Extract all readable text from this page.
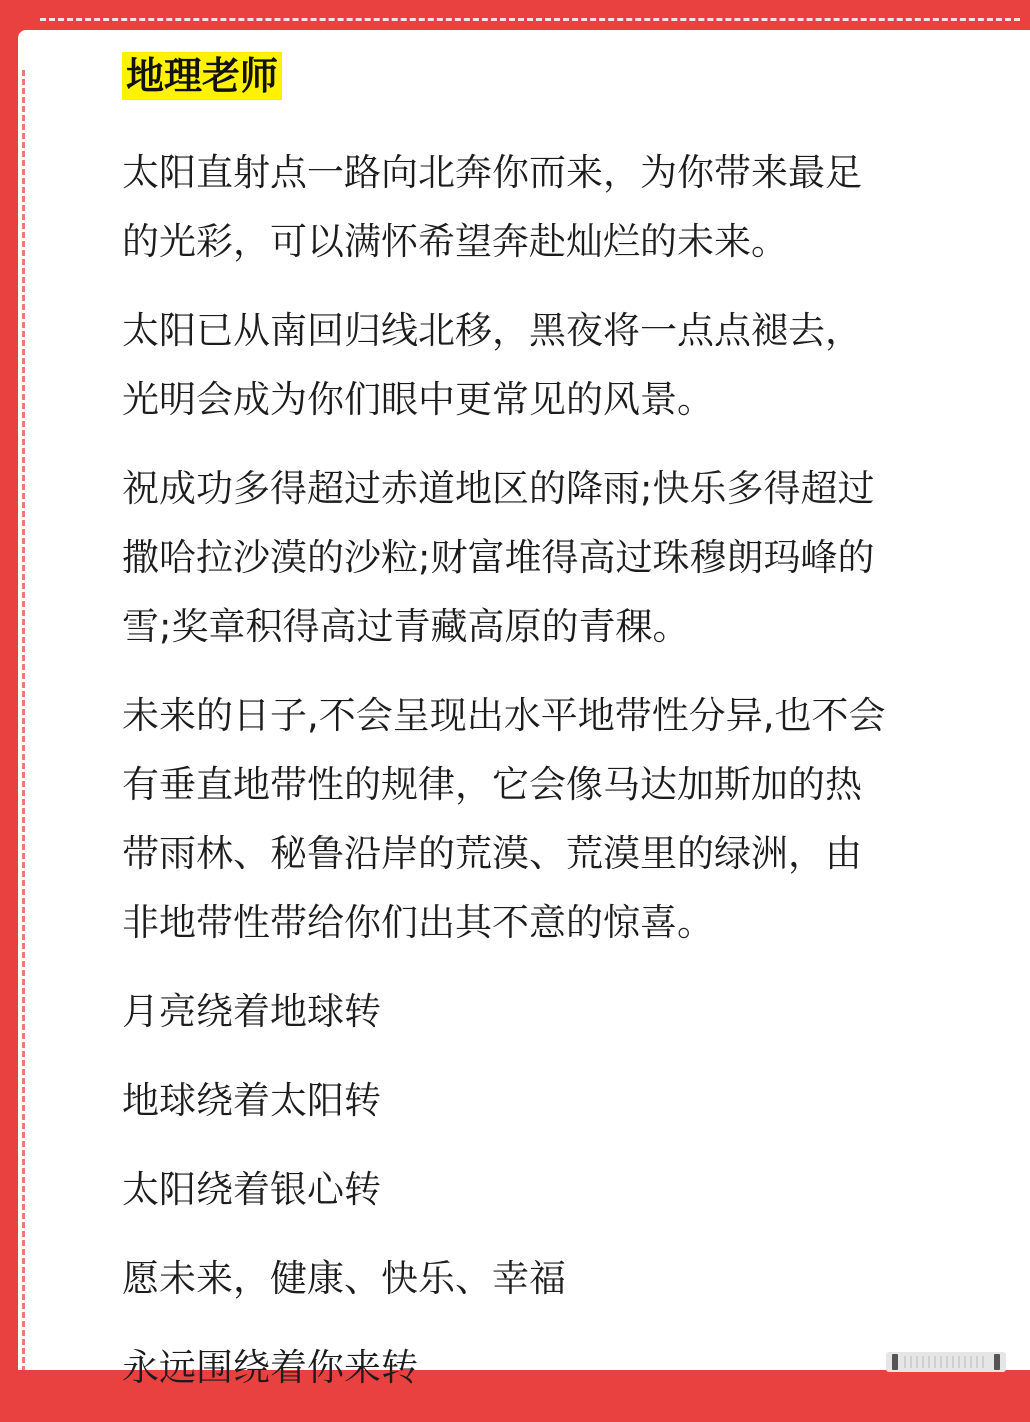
地理老师
太阳直射点一路向北奔你而来，为你带来最足
的光彩，可以满怀希望奔赴灿烂的未来。
太阳已从南回归线北移，黑夜将一点点褪去，
光明会成为你们眼中更常见的风景。
祝成功多得超过赤道地区的降雨;快乐多得超过
撒哈拉沙漠的沙粒;财富堆得高过珠穆朗玛峰的
雪;奖章积得高过青藏高原的青稞。
未来的日子,不会呈现出水平地带性分异,也不会
有垂直地带性的规律，它会像马达加斯加的热
带雨林、秘鲁沿岸的荒漠、荒漠里的绿洲，由
非地带性带给你们出其不意的惊喜。
月亮绕着地球转
地球绕着太阳转
太阳绕着银心转
愿未来，健康、快乐、幸福
永远围绕着你来转
